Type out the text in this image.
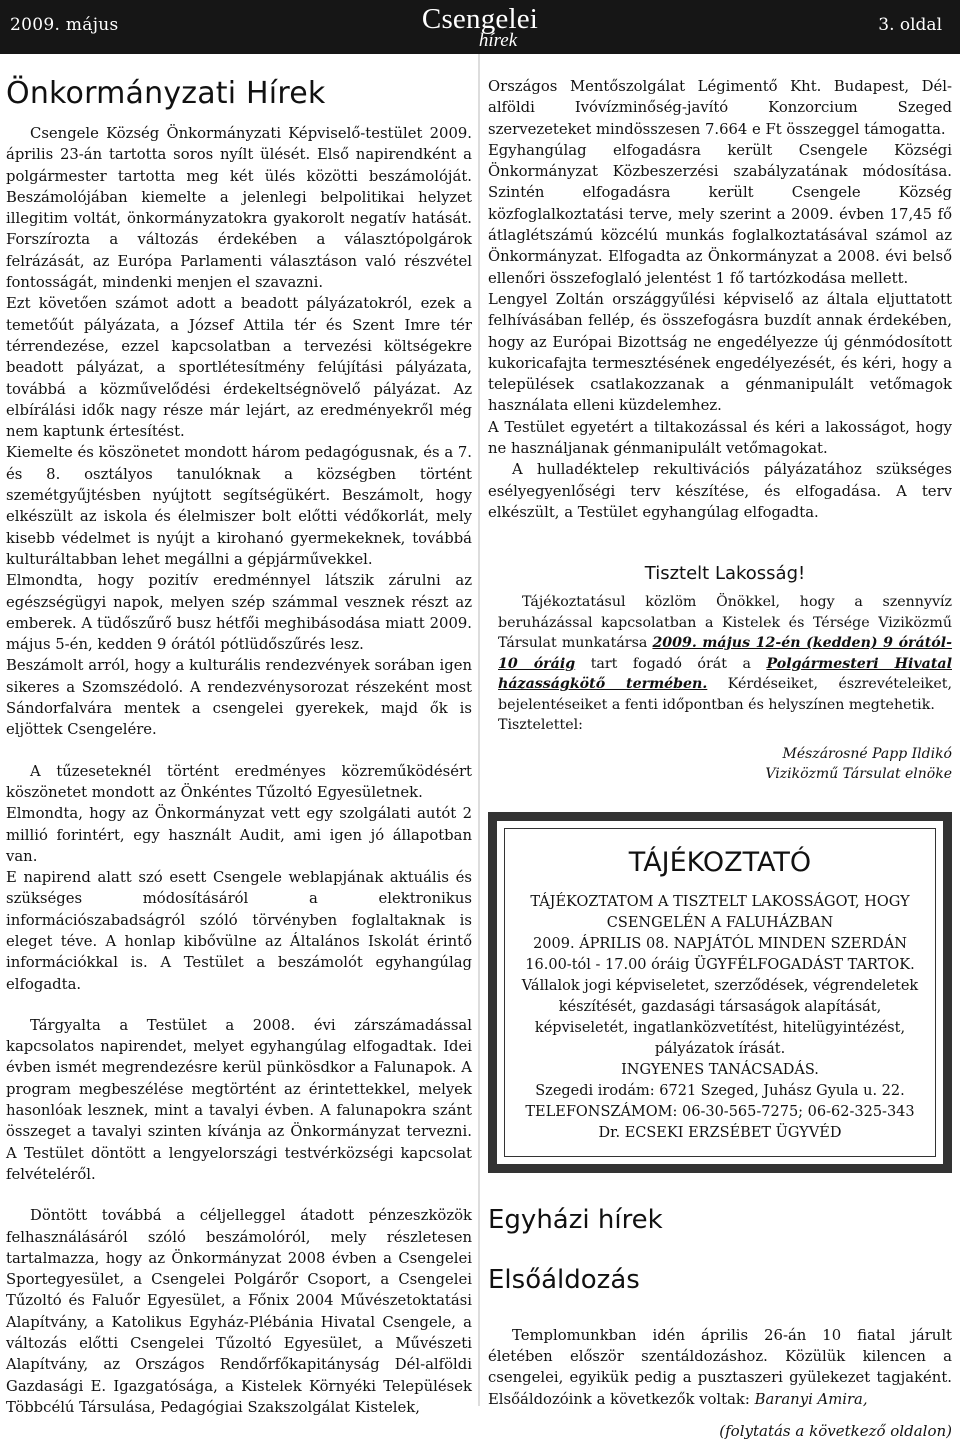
2009. május	Csengelei
hírek
3. oldal
Önkormányzati Hírek

Csengele Község Önkormányzati Képviselő-testület 2009. április 23-án tartotta soros nyílt ülését. Első napirendként a polgármester tartotta meg két ülés közötti beszámolóját. Beszámolójában kiemelte a jelenlegi belpolitikai helyzet illegitim voltát, önkormányzatokra gyakorolt negatív hatását. Forszírozta a változás érdekében a választópolgárok felrázását, az Európa Parlamenti választáson való részvétel fontosságát, mindenki menjen el szavazni.

Ezt követően számot adott a beadott pályázatokról, ezek a temetőút pályázata, a József Attila tér és Szent Imre tér térrendezése, ezzel kapcsolatban a tervezési költségekre beadott pályázat, a sportlétesítmény felújítási pályázata, továbbá a közművelődési érdekeltségnövelő pályázat. Az elbírálási idők nagy része már lejárt, az eredményekről még nem kaptunk értesítést.

Kiemelte és köszönetet mondott három pedagógusnak, és a 7. és 8. osztályos tanulóknak a községben történt szemétgyűjtésben nyújtott segítségükért. Beszámolt, hogy elkészült az iskola és élelmiszer bolt előtti védőkorlát, mely kisebb védelmet is nyújt a kirohanó gyermekeknek, továbbá kulturáltabban lehet megállni a gépjárművekkel.

Elmondta, hogy pozitív eredménnyel látszik zárulni az egészségügyi napok, melyen szép számmal vesznek részt az emberek. A tüdőszűrő busz hétfői meghibásodása miatt 2009. május 5-én, kedden 9 órától pótlüdőszűrés lesz.

Beszámolt arról, hogy a kulturális rendezvények sorában igen sikeres a Szomszédoló. A rendezvénysorozat részeként most Sándorfalvára mentek a csengelei gyerekek, majd ők is eljöttek Csengelére.

A tűzeseteknél történt eredményes közreműködésért köszönetet mondott az Önkéntes Tűzoltó Egyesületnek.

Elmondta, hogy az Önkormányzat vett egy szolgálati autót 2 millió forintért, egy használt Audit, ami igen jó állapotban van.

E napirend alatt szó esett Csengele weblapjának aktuális és szükséges módosításáról a elektronikus információszabadságról szóló törvényben foglaltaknak is eleget téve. A honlap kibővülne az Általános Iskolát érintő információkkal is. A Testület a beszámolót egyhangúlag elfogadta.

Tárgyalta a Testület a 2008. évi zárszámadással kapcsolatos napirendet, melyet egyhangúlag elfogadtak. Idei évben ismét megrendezésre kerül pünkösdkor a Falunapok. A program megbeszélése megtörtént az érintettekkel, melyek hasonlóak lesznek, mint a tavalyi évben. A falunapokra szánt összeget a tavalyi szinten kívánja az Önkormányzat tervezni. A Testület döntött a lengyelországi testvérközségi kapcsolat felvételéről.

Döntött továbbá a céljelleggel átadott pénzeszközök felhasználásáról szóló beszámolóról, mely részletesen tartalmazza, hogy az Önkormányzat 2008 évben a Csengelei Sportegyesület, a Csengelei Polgárőr Csoport, a Csengelei Tűzoltó és Faluőr Egyesület, a Főnix 2004 Művészetoktatási Alapítvány, a Katolikus Egyház-Plébánia Hivatal Csengele, a változás előtti Csengelei Tűzoltó Egyesület, a Művészeti Alapítvány, az Országos Rendőrfőkapitányság Dél-alföldi Gazdasági E. Igazgatósága, a Kistelek Környéki Települések Többcélú Társulása, Pedagógiai Szakszolgálat Kistelek,

Országos Mentőszolgálat Légimentő Kht. Budapest, Dél-alföldi Ivóvízminőség-javító Konzorcium Szeged szervezeteket mindösszesen 7.664 e Ft összeggel támogatta.

Egyhangúlag elfogadásra került Csengele Községi Önkormányzat Közbeszerzési szabályzatának módosítása. Szintén elfogadásra került Csengele Község közfoglalkoztatási terve, mely szerint a 2009. évben 17,45 fő átlaglétszámú közcélú munkás foglalkoztatásával számol az Önkormányzat. Elfogadta az Önkormányzat a 2008. évi belső ellenőri összefoglaló jelentést 1 fő tartózkodása mellett.

Lengyel Zoltán országgyűlési képviselő az általa eljuttatott felhívásában fellép, és összefogásra buzdít annak érdekében, hogy az Európai Bizottság ne engedélyezze új génmódosított kukoricafajta termesztésének engedélyezését, és kéri, hogy a települések csatlakozzanak a génmanipulált vetőmagok használata elleni küzdelemhez.

A Testület egyetért a tiltakozással és kéri a lakosságot, hogy ne használjanak génmanipulált vetőmagokat.

A hulladéktelep rekultivációs pályázatához szükséges esélyegyenlőségi terv készítése, és elfogadása. A terv elkészült, a Testület egyhangúlag elfogadta.

Tisztelt Lakosság!

Tájékoztatásul közlöm Önökkel, hogy a szennyvíz beruházással kapcsolatban a Kistelek és Térsége Viziközmű Társulat munkatársa 2009. május 12-én (kedden) 9 órától-10 óráig tart fogadó órát a Polgármesteri Hivatal házasságkötő termében. Kérdéseiket, észrevételeiket, bejelentéseiket a fenti időpontban és helyszínen megtehetik.

Tisztelettel:

Mészárosné Papp Ildikó
Viziközmű Társulat elnöke
TÁJÉKOZTATÓ
TÁJÉKOZTATOM A TISZTELT LAKOSSÁGOT, HOGY
CSENGELÉN A FALUHÁZBAN
2009. ÁPRILIS 08. NAPJÁTÓL MINDEN SZERDÁN
16.00-tól - 17.00 óráig ÜGYFÉLFOGADÁST TARTOK.
Vállalok jogi képviseletet, szerződések, végrendeletek készítését, gazdasági társaságok alapítását, képviseletét, ingatlanközvetítést, hitelügyintézést, pályázatok írását.
INGYENES TANÁCSADÁS.
Szegedi irodám: 6721 Szeged, Juhász Gyula u. 22.
TELEFONSZÁMOM: 06-30-565-7275; 06-62-325-343
Dr. ECSEKI ERZSÉBET ÜGYVÉD
Egyházi hírek
Elsőáldozás

Templomunkban idén április 26-án 10 fiatal járult életében először szentáldozáshoz. Közülük kilencen a csengelei, egyikük pedig a pusztaszeri gyülekezet tagjaként. Elsőáldozóink a következők voltak: Baranyi Amira,

(folytatás a következő oldalon)
